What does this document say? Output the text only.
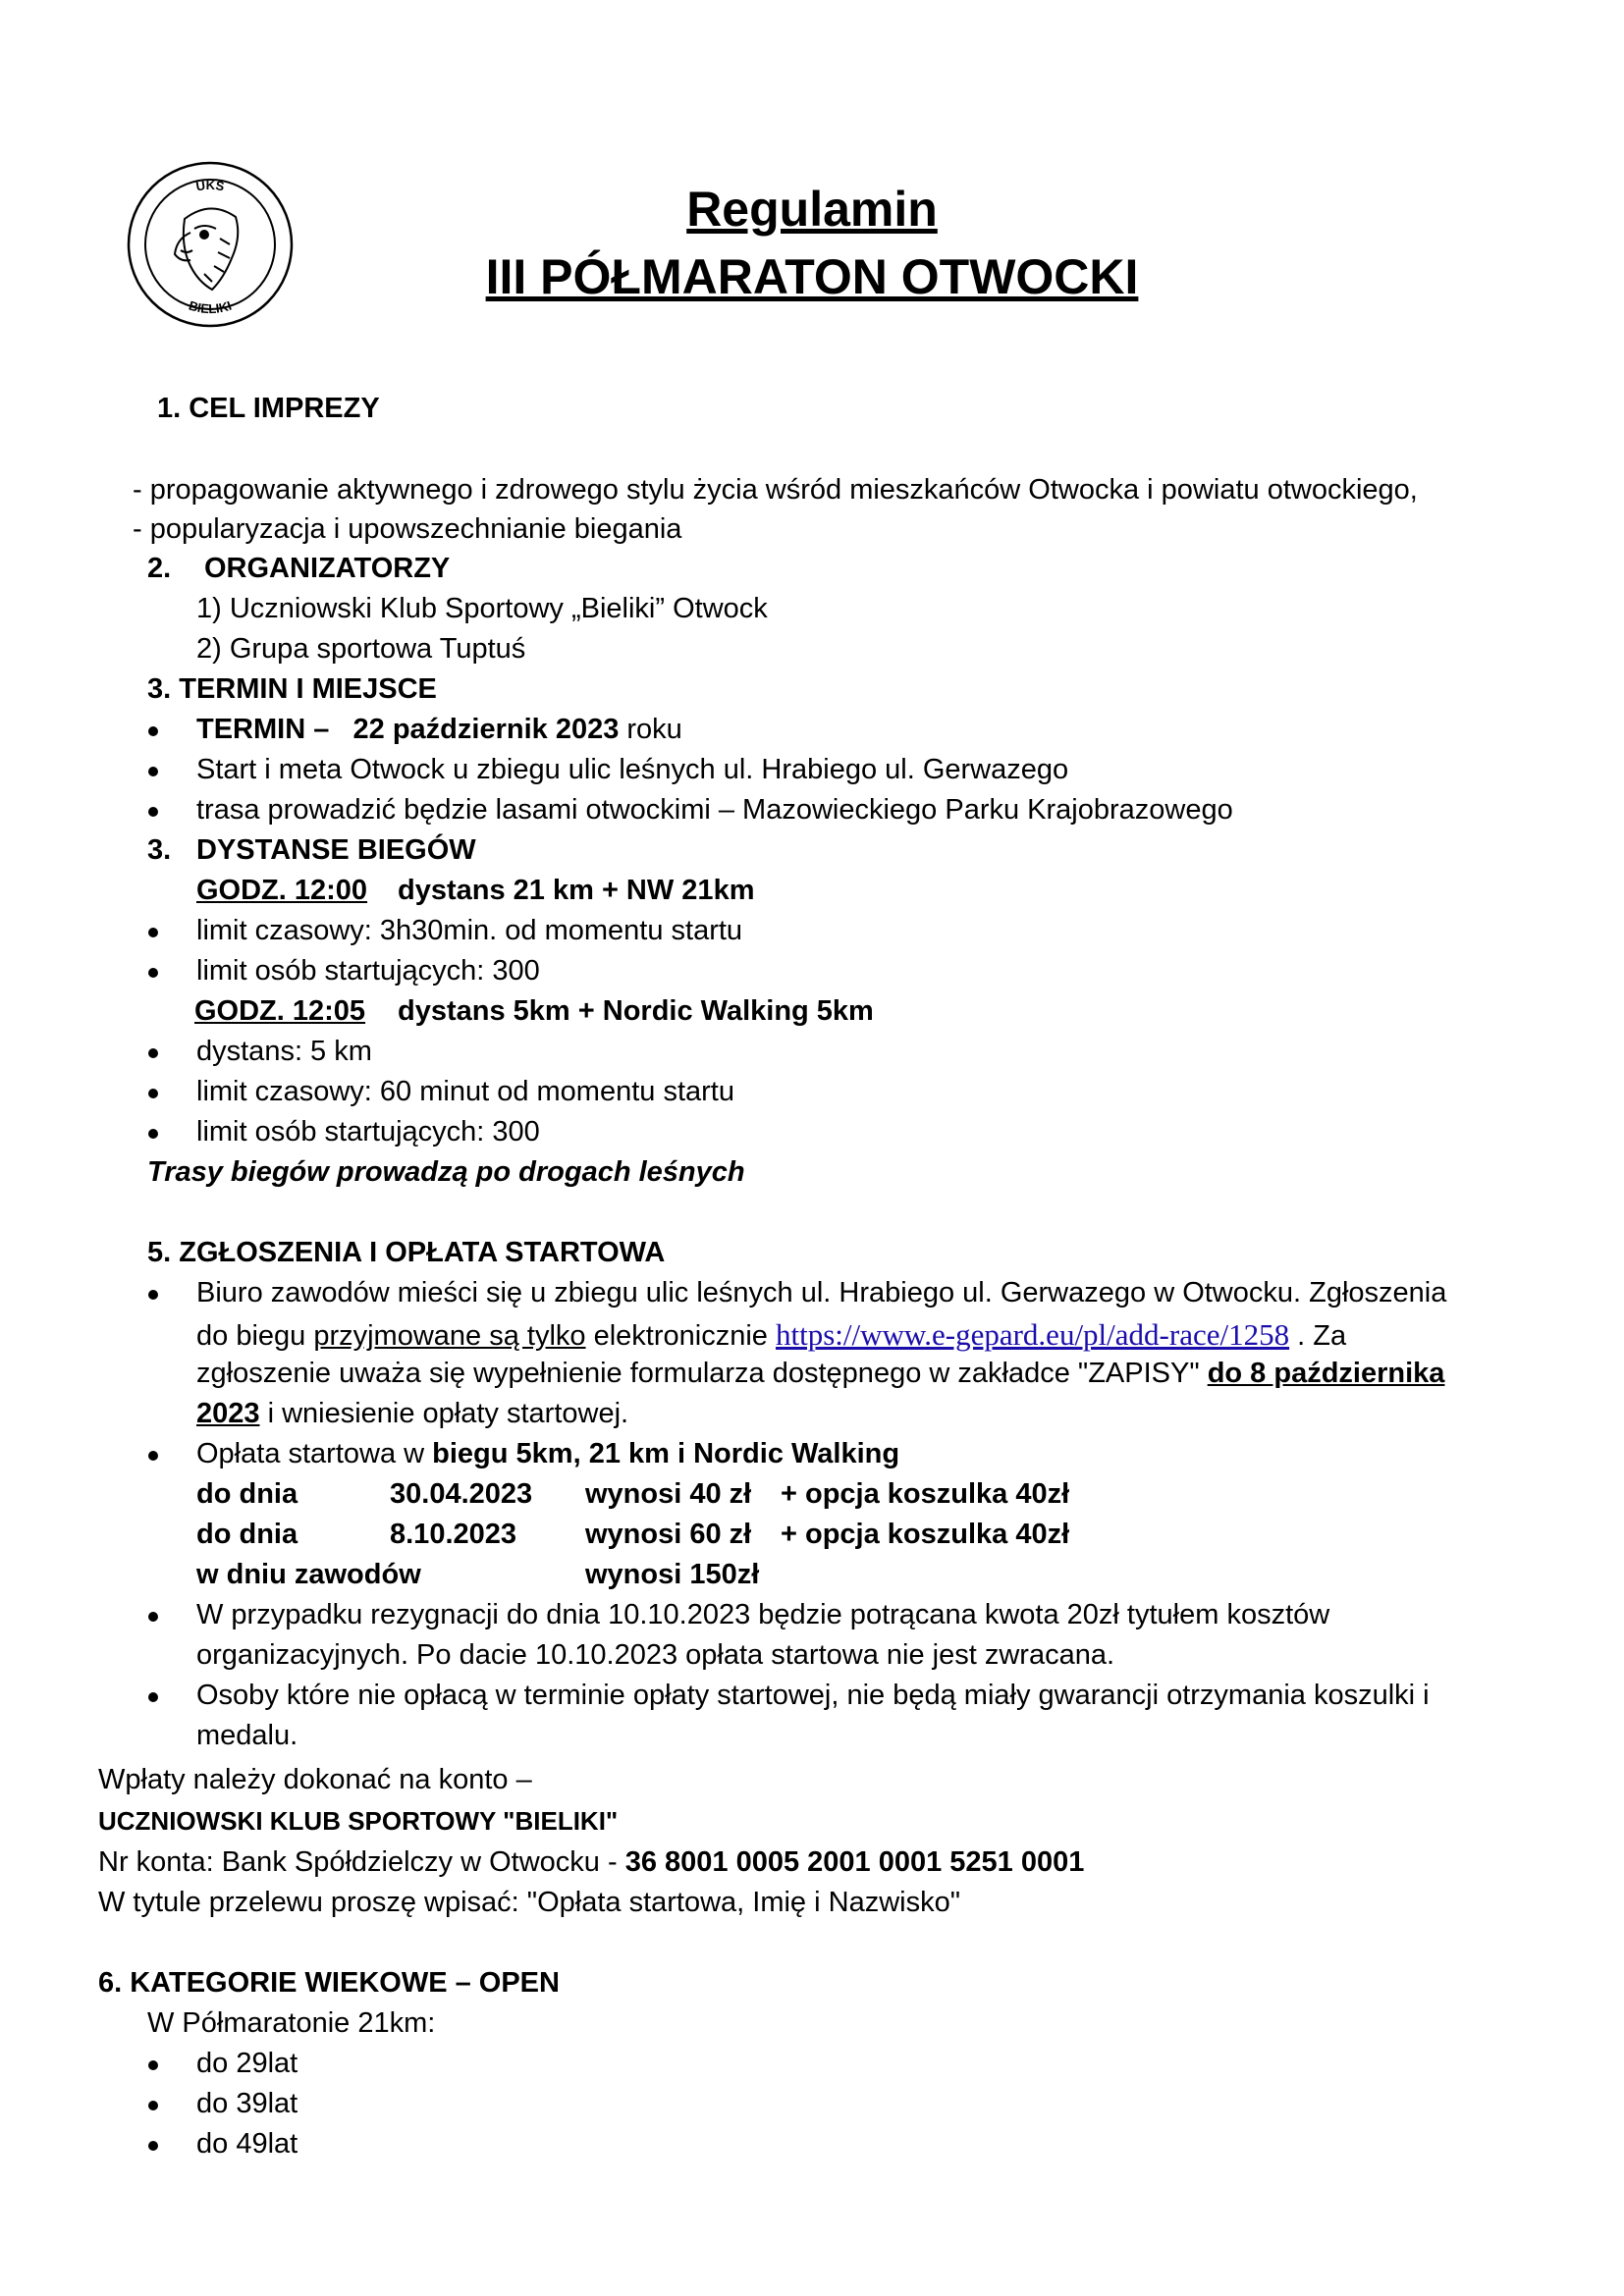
UKS
BIELIKI
Regulamin
III PÓŁMARATON OTWOCKI
1. CEL IMPREZY
- propagowanie aktywnego i zdrowego stylu życia wśród mieszkańców Otwocka i powiatu otwockiego,
- popularyzacja i upowszechnianie biegania
2. ORGANIZATORZY
1) Uczniowski Klub Sportowy „Bieliki” Otwock
2) Grupa sportowa Tuptuś
3. TERMIN I MIEJSCE
TERMIN – 22 październik 2023 roku
Start i meta Otwock u zbiegu ulic leśnych ul. Hrabiego ul. Gerwazego
trasa prowadzić będzie lasami otwockimi – Mazowieckiego Parku Krajobrazowego
3. DYSTANSE BIEGÓW
GODZ. 12:00 dystans 21 km + NW 21km
limit czasowy: 3h30min. od momentu startu
limit osób startujących: 300
GODZ. 12:05 dystans 5km + Nordic Walking 5km
dystans: 5 km
limit czasowy: 60 minut od momentu startu
limit osób startujących: 300
Trasy biegów prowadzą po drogach leśnych
5. ZGŁOSZENIA I OPŁATA STARTOWA
Biuro zawodów mieści się u zbiegu ulic leśnych ul. Hrabiego ul. Gerwazego w Otwocku. Zgłoszenia
do biegu przyjmowane są tylko elektronicznie https://www.e-gepard.eu/pl/add-race/1258 . Za
zgłoszenie uważa się wypełnienie formularza dostępnego w zakładce "ZAPISY" do 8 października
2023 i wniesienie opłaty startowej.
Opłata startowa w biegu 5km, 21 km i Nordic Walking
do dnia	30.04.2023 wynosi 40 zł + opcja koszulka 40zł
do dnia	8.10.2023 wynosi 60 zł + opcja koszulka 40zł
w dniu zawodów	wynosi 150zł
W przypadku rezygnacji do dnia 10.10.2023 będzie potrącana kwota 20zł tytułem kosztów
organizacyjnych. Po dacie 10.10.2023 opłata startowa nie jest zwracana.
Osoby które nie opłacą w terminie opłaty startowej, nie będą miały gwarancji otrzymania koszulki i
medalu.
Wpłaty należy dokonać na konto –
UCZNIOWSKI KLUB SPORTOWY "BIELIKI"
Nr konta: Bank Spółdzielczy w Otwocku - 36 8001 0005 2001 0001 5251 0001
W tytule przelewu proszę wpisać: "Opłata startowa, Imię i Nazwisko"
6. KATEGORIE WIEKOWE – OPEN
W Półmaratonie 21km:
do 29lat
do 39lat
do 49lat
